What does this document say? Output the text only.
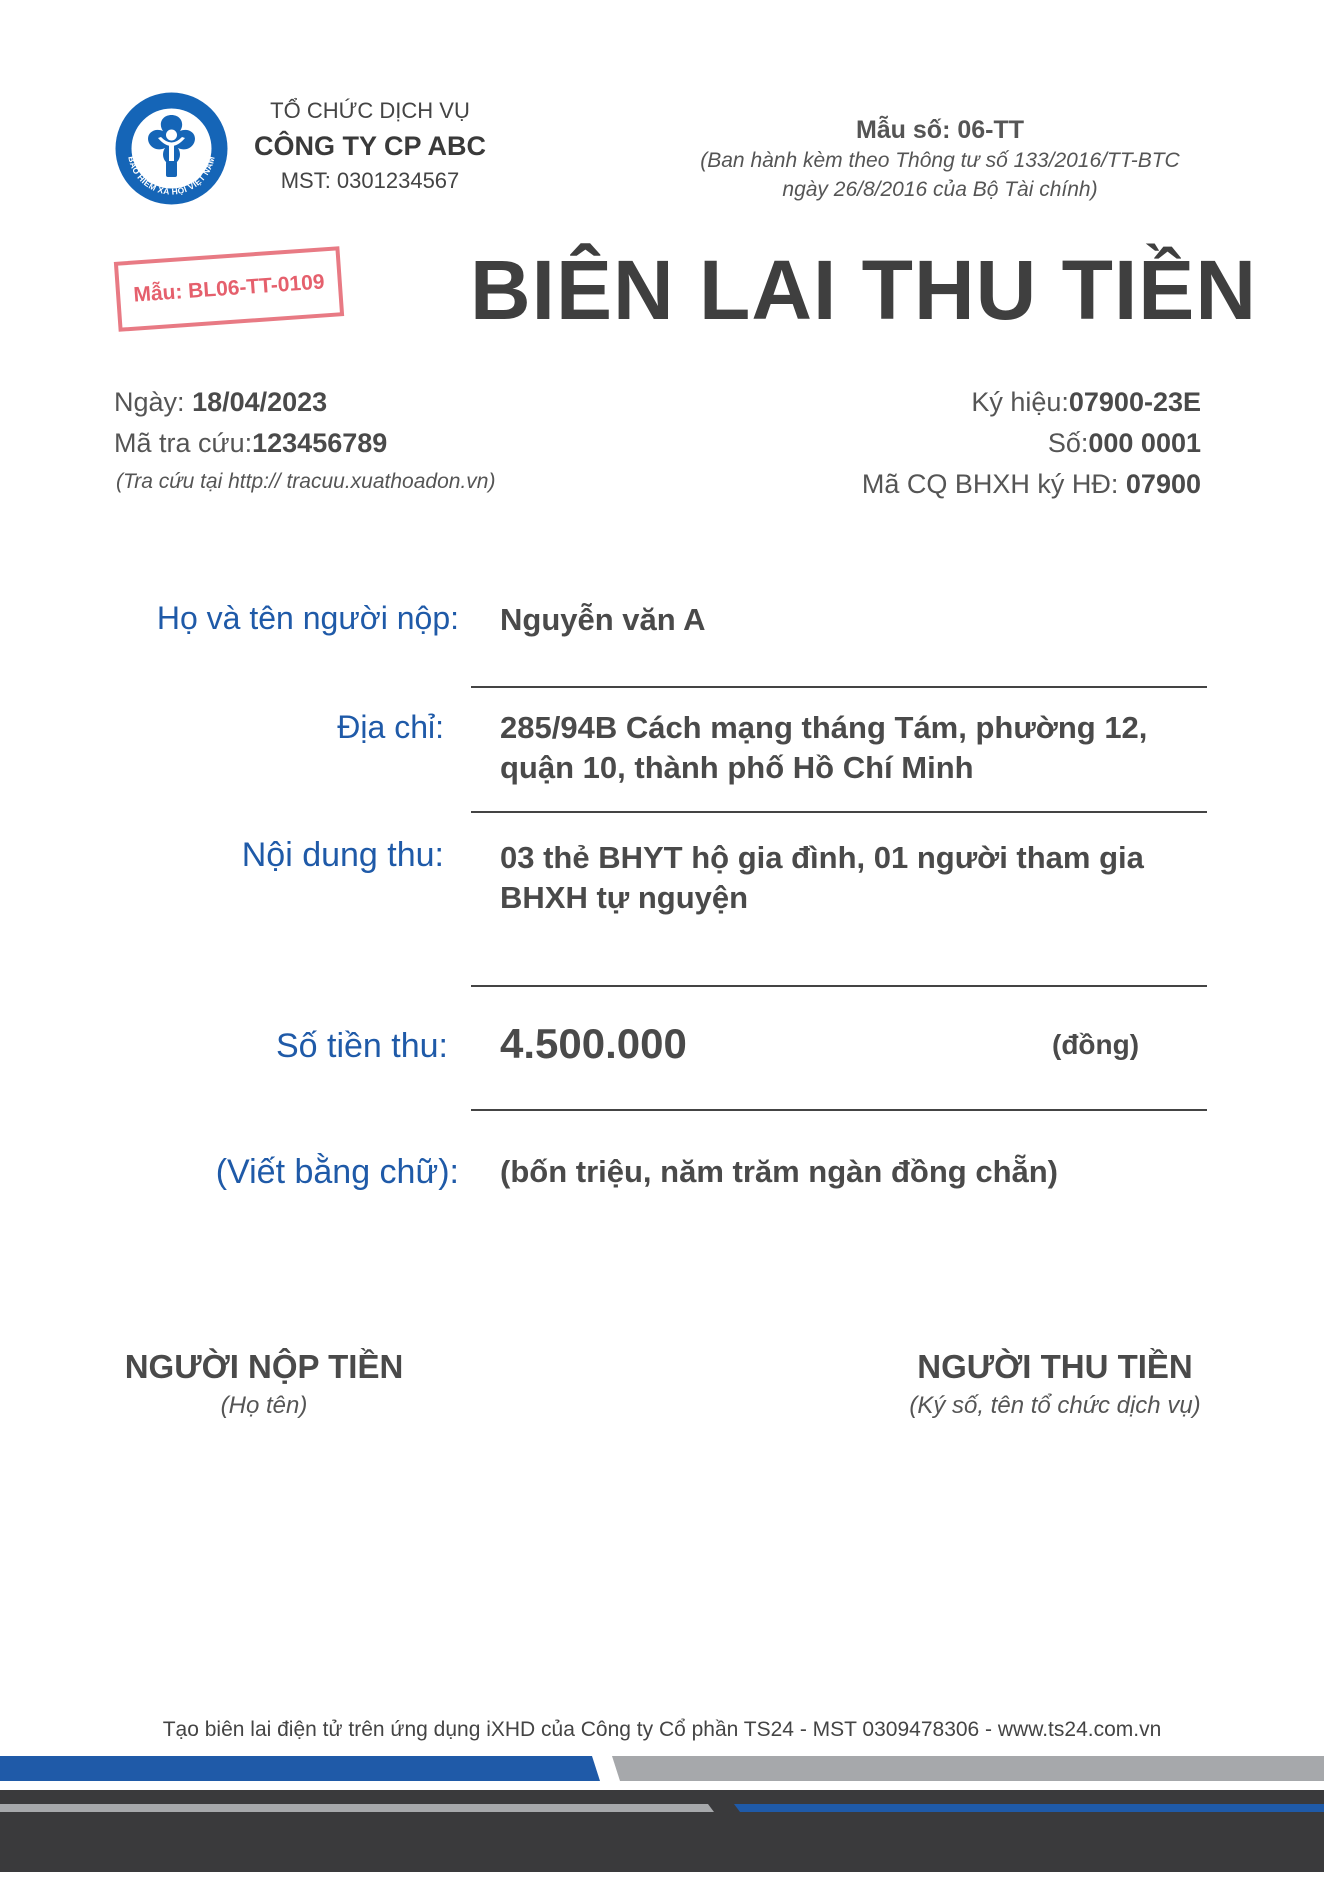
BẢO HIỂM XÃ HỘI VIỆT NAM
TỔ CHỨC DỊCH VỤ
CÔNG TY CP ABC
MST: 0301234567
Mẫu số: 06-TT
(Ban hành kèm theo Thông tư số 133/2016/TT-BTC
ngày 26/8/2016 của Bộ Tài chính)
Mẫu:
BL06-TT-0109 BIÊN LAI THU TIỀN
Ngày: 18/04/2023
Mã tra cứu:123456789
(Tra cứu tại http:// tracuu.xuathoadon.vn)
Ký hiệu:07900-23E
Số:000 0001
Mã CQ BHXH ký HĐ: 07900
Họ và tên người nộp: Nguyễn văn A
Địa chỉ: 285/94B Cách mạng tháng Tám, phường 12,
quận 10, thành phố Hồ Chí Minh
Nội dung thu: 03 thẻ BHYT hộ gia đình, 01 người tham gia
BHXH tự nguyện
Số tiền thu: 4.500.000	(đồng)
(Viết bằng chữ): (bốn triệu, năm trăm ngàn đồng chẵn)
NGƯỜI NỘP TIỀN
(Họ tên)
NGƯỜI THU TIỀN
(Ký số, tên tổ chức dịch vụ)
Tạo biên lai điện tử trên ứng dụng iXHD của Công ty Cổ phần TS24 - MST 0309478306 - www.ts24.com.vn
